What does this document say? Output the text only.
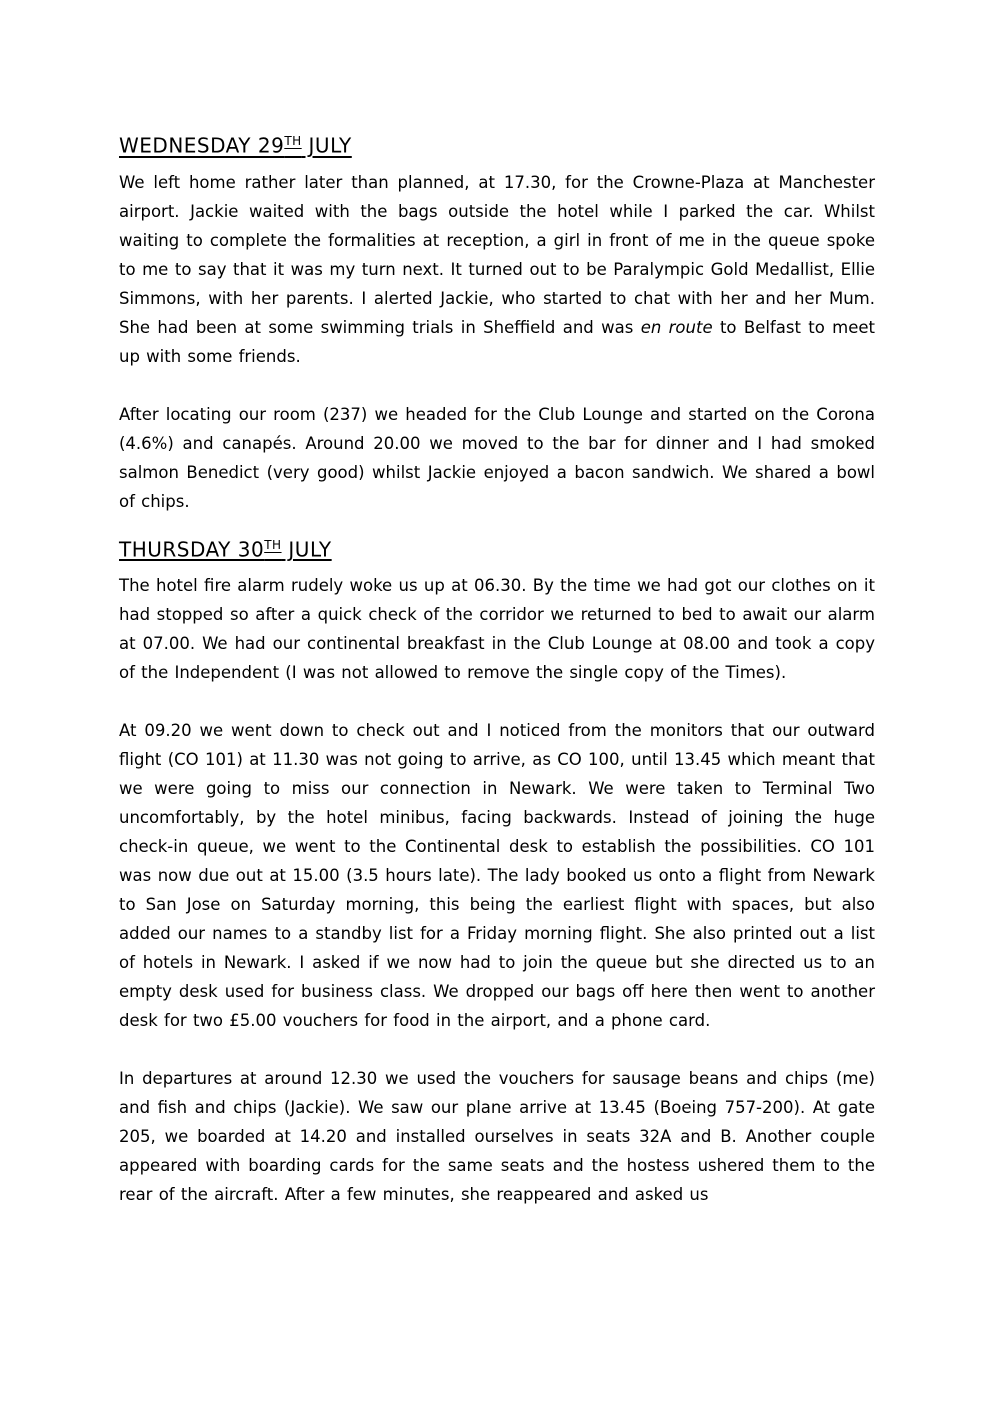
WEDNESDAY 29TH JULY

We left home rather later than planned, at 17.30, for the Crowne-Plaza at Manchester airport. Jackie waited with the bags outside the hotel while I parked the car. Whilst waiting to complete the formalities at reception, a girl in front of me in the queue spoke to me to say that it was my turn next. It turned out to be Paralympic Gold Medallist, Ellie Simmons, with her parents. I alerted Jackie, who started to chat with her and her Mum. She had been at some swimming trials in Sheffield and was en route to Belfast to meet up with some friends.

After locating our room (237) we headed for the Club Lounge and started on the Corona (4.6%) and canapés. Around 20.00 we moved to the bar for dinner and I had smoked salmon Benedict (very good) whilst Jackie enjoyed a bacon sandwich. We shared a bowl of chips.

THURSDAY 30TH JULY

The hotel fire alarm rudely woke us up at 06.30. By the time we had got our clothes on it had stopped so after a quick check of the corridor we returned to bed to await our alarm at 07.00. We had our continental breakfast in the Club Lounge at 08.00 and took a copy of the Independent (I was not allowed to remove the single copy of the Times).

At 09.20 we went down to check out and I noticed from the monitors that our outward flight (CO 101) at 11.30 was not going to arrive, as CO 100, until 13.45 which meant that we were going to miss our connection in Newark. We were taken to Terminal Two uncomfortably, by the hotel minibus, facing backwards. Instead of joining the huge check-in queue, we went to the Continental desk to establish the possibilities. CO 101 was now due out at 15.00 (3.5 hours late). The lady booked us onto a flight from Newark to San Jose on Saturday morning, this being the earliest flight with spaces, but also added our names to a standby list for a Friday morning flight. She also printed out a list of hotels in Newark. I asked if we now had to join the queue but she directed us to an empty desk used for business class. We dropped our bags off here then went to another desk for two £5.00 vouchers for food in the airport, and a phone card.

In departures at around 12.30 we used the vouchers for sausage beans and chips (me) and fish and chips (Jackie). We saw our plane arrive at 13.45 (Boeing 757-200). At gate 205, we boarded at 14.20 and installed ourselves in seats 32A and B. Another couple appeared with boarding cards for the same seats and the hostess ushered them to the rear of the aircraft. After a few minutes, she reappeared and asked us
